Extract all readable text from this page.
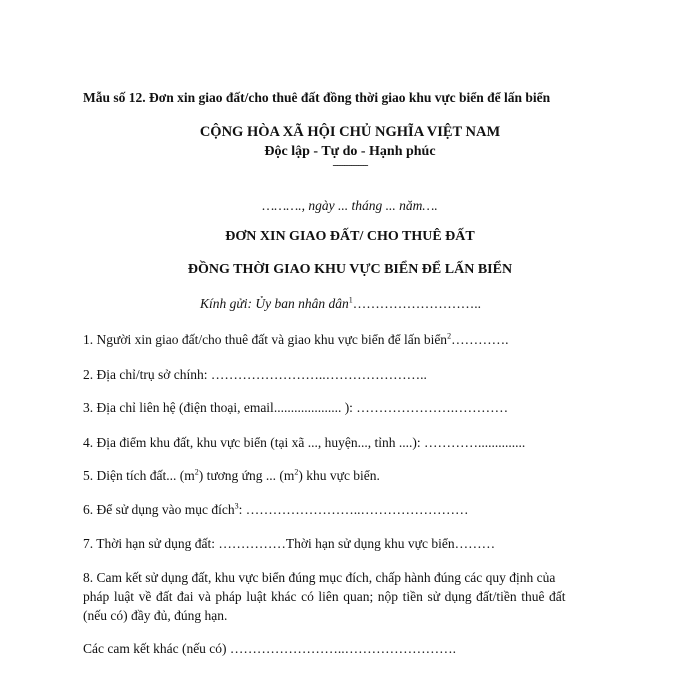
Mẫu số 12. Đơn xin giao đất/cho thuê đất đồng thời giao khu vực biển để lấn biển
CỘNG HÒA XÃ HỘI CHỦ NGHĨA VIỆT NAM
Độc lập - Tự do - Hạnh phúc
---------------
………., ngày ... tháng ... năm….
ĐƠN XIN GIAO ĐẤT/ CHO THUÊ ĐẤT
ĐỒNG THỜI GIAO KHU VỰC BIỂN ĐỂ LẤN BIỂN
Kính gửi: Ủy ban nhân dân$^1$………………………..
1. Người xin giao đất/cho thuê đất và giao khu vực biển để lấn biển$^2$………….
2. Địa chỉ/trụ sở chính: ……………………..…………………..
3. Địa chỉ liên hệ (điện thoại, email.................... ): ………………….…………
4. Địa điểm khu đất, khu vực biển (tại xã ..., huyện..., tỉnh ....): …………..............
5. Diện tích đất... $(m^2)$ tương ứng ... $(m^2)$ khu vực biển.
6. Để sử dụng vào mục đích$^3$: ……………………..……………………
7. Thời hạn sử dụng đất: ……………Thời hạn sử dụng khu vực biển………
8. Cam kết sử dụng đất, khu vực biển đúng mục đích, chấp hành đúng các quy định của
pháp luật về đất đai và pháp luật khác có liên quan; nộp tiền sử dụng đất/tiền thuê đất
(nếu có) đầy đủ, đúng hạn.
Các cam kết khác (nếu có) ……………………..…………………….
